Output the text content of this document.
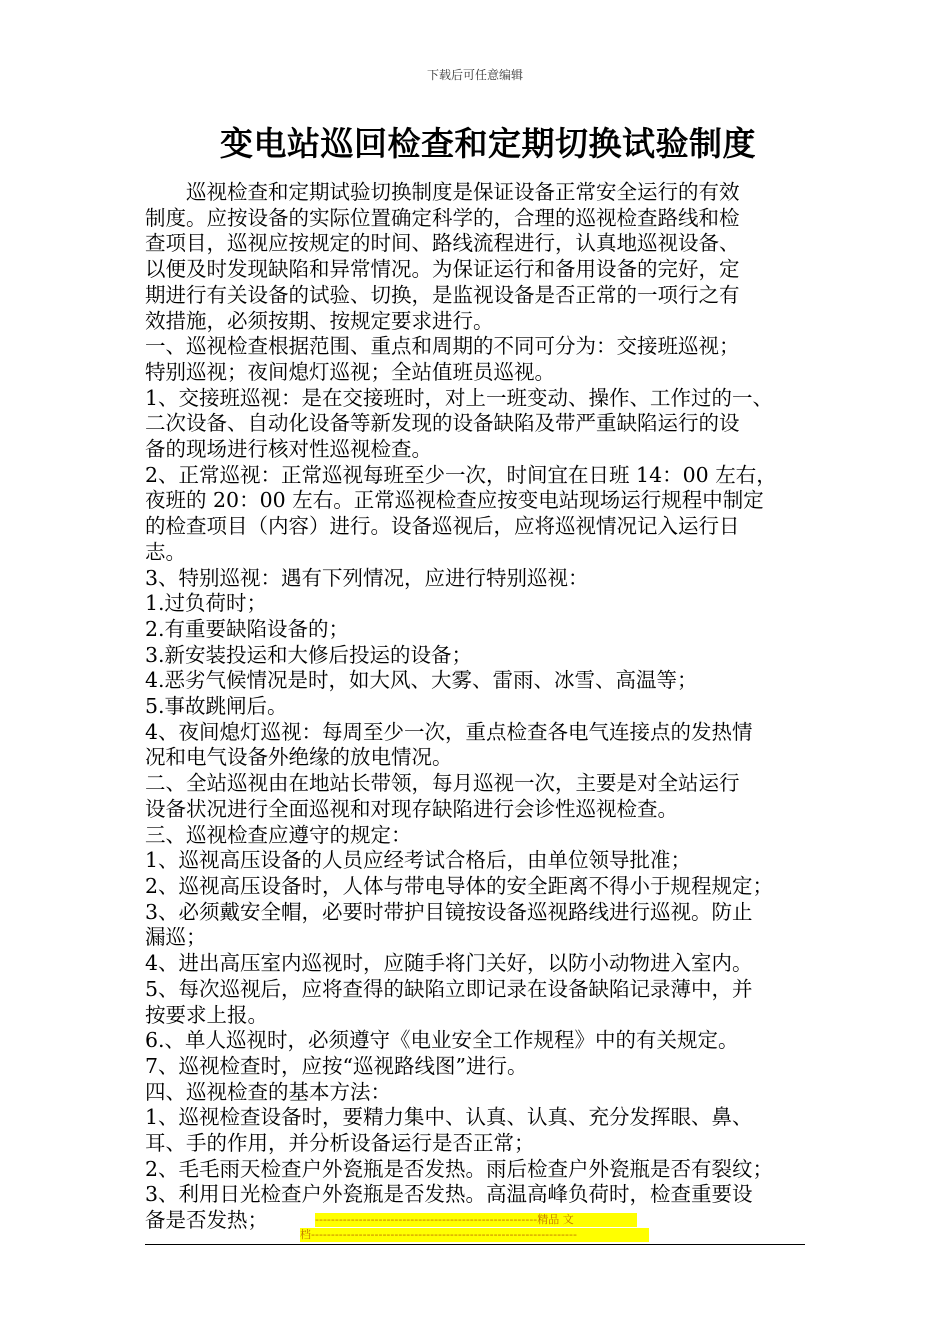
下载后可任意编辑
变电站巡回检查和定期切换试验制度

巡视检查和定期试验切换制度是保证设备正常安全运行的有效

制度。应按设备的实际位置确定科学的，合理的巡视检查路线和检

查项目，巡视应按规定的时间、路线流程进行，认真地巡视设备、

以便及时发现缺陷和异常情况。为保证运行和备用设备的完好，定

期进行有关设备的试验、切换，是监视设备是否正常的一项行之有

效措施，必须按期、按规定要求进行。

一、巡视检查根据范围、重点和周期的不同可分为：交接班巡视；

特别巡视；夜间熄灯巡视；全站值班员巡视。

1、交接班巡视：是在交接班时，对上一班变动、操作、工作过的一、

二次设备、自动化设备等新发现的设备缺陷及带严重缺陷运行的设

备的现场进行核对性巡视检查。

2、正常巡视：正常巡视每班至少一次，时间宜在日班 14：00 左右，

夜班的 20：00 左右。正常巡视检查应按变电站现场运行规程中制定

的检查项目（内容）进行。设备巡视后，应将巡视情况记入运行日

志。

3、特别巡视：遇有下列情况，应进行特别巡视：

1.过负荷时；

2.有重要缺陷设备的；

3.新安装投运和大修后投运的设备；

4.恶劣气候情况是时，如大风、大雾、雷雨、冰雪、高温等；

5.事故跳闸后。

4、夜间熄灯巡视：每周至少一次，重点检查各电气连接点的发热情

况和电气设备外绝缘的放电情况。

二、全站巡视由在地站长带领，每月巡视一次，主要是对全站运行

设备状况进行全面巡视和对现存缺陷进行会诊性巡视检查。

三、巡视检查应遵守的规定：

1、巡视高压设备的人员应经考试合格后，由单位领导批准；

2、巡视高压设备时，人体与带电导体的安全距离不得小于规程规定；

3、必须戴安全帽，必要时带护目镜按设备巡视路线进行巡视。防止

漏巡；

4、进出高压室内巡视时，应随手将门关好，以防小动物进入室内。

5、每次巡视后，应将查得的缺陷立即记录在设备缺陷记录薄中，并

按要求上报。

6.、单人巡视时，必须遵守《电业安全工作规程》中的有关规定。

7、巡视检查时，应按“巡视路线图”进行。

四、巡视检查的基本方法：

1、巡视检查设备时，要精力集中、认真、认真、充分发挥眼、鼻、

耳、手的作用，并分析设备运行是否正常；

2、毛毛雨天检查户外瓷瓶是否发热。雨后检查户外瓷瓶是否有裂纹；

3、利用日光检查户外瓷瓶是否发热。高温高峰负荷时，检查重要设

备是否发热；	--------------------------------------------------------精品 文
档-------------------------------------------------------------------
